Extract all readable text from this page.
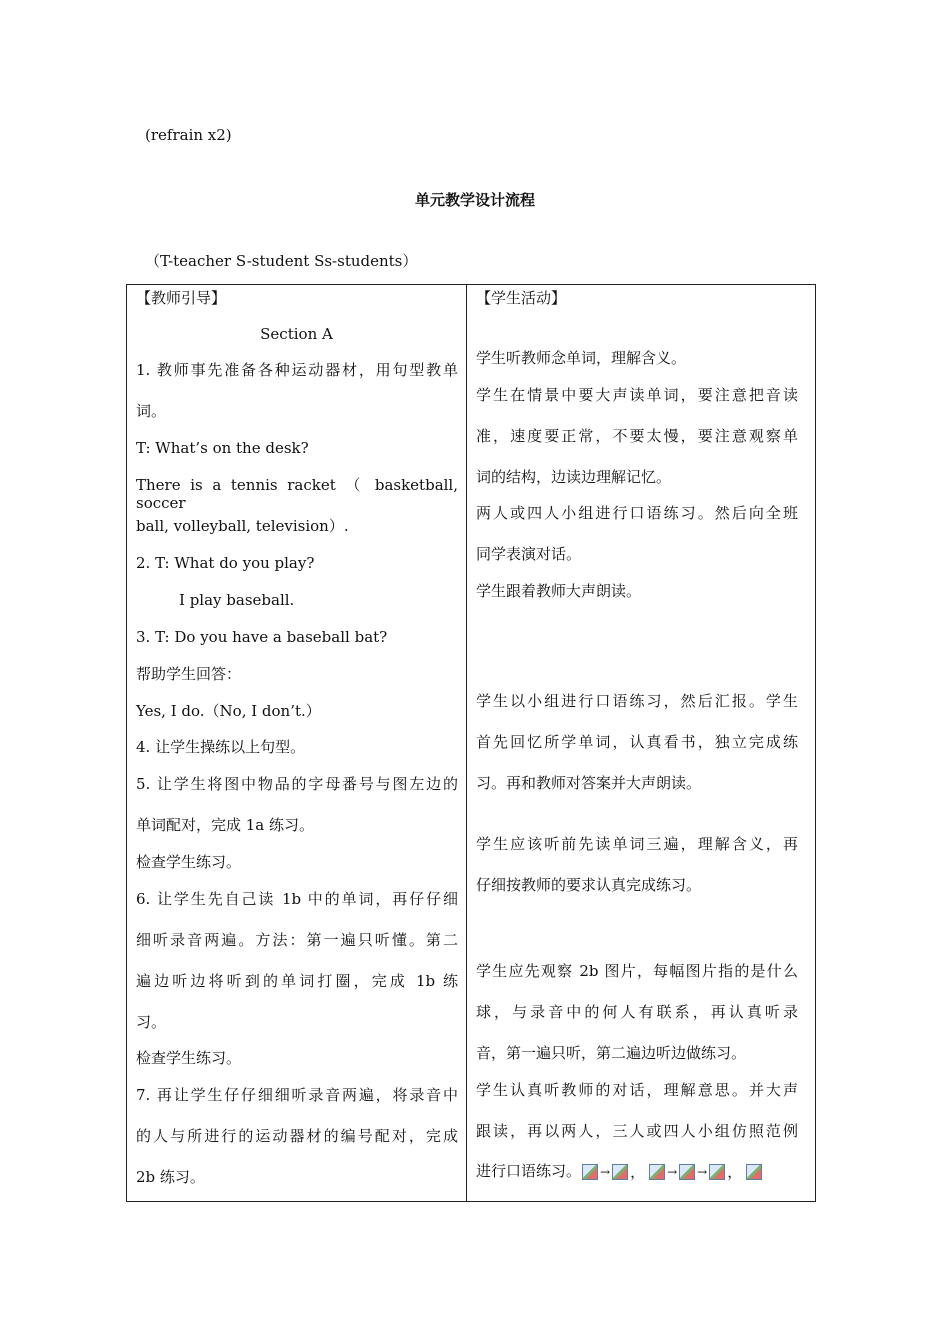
(refrain x2)
单元教学设计流程
（T-teacher S-student Ss-students）
【教师引导】
Section A
1. 教师事先准备各种运动器材，用句型教单
词。
T: What’s on the desk?
There is a tennis racket （ basketball, soccer
ball, volleyball, television）.
2. T: What do you play?
I play baseball.
3. T: Do you have a baseball bat?
帮助学生回答：
Yes, I do.（No, I don’t.）
4. 让学生操练以上句型。
5. 让学生将图中物品的字母番号与图左边的
单词配对，完成 1a 练习。
检查学生练习。
6. 让学生先自己读 1b 中的单词，再仔仔细
细听录音两遍。方法：第一遍只听懂。第二
遍边听边将听到的单词打圈，完成 1b 练
习。
检查学生练习。
7. 再让学生仔仔细细听录音两遍，将录音中
的人与所进行的运动器材的编号配对，完成
2b 练习。
【学生活动】
学生听教师念单词，理解含义。
学生在情景中要大声读单词，要注意把音读
准，速度要正常，不要太慢，要注意观察单
词的结构，边读边理解记忆。
两人或四人小组进行口语练习。然后向全班
同学表演对话。
学生跟着教师大声朗读。
学生以小组进行口语练习，然后汇报。学生
首先回忆所学单词，认真看书，独立完成练
习。再和教师对答案并大声朗读。
学生应该听前先读单词三遍，理解含义，再
仔细按教师的要求认真完成练习。
学生应先观察 2b 图片，每幅图片指的是什么
球，与录音中的何人有联系，再认真听录
音，第一遍只听，第二遍边听边做练习。
学生认真听教师的对话，理解意思。并大声
跟读，再以两人，三人或四人小组仿照范例
进行口语练习。 → ， → → ，
